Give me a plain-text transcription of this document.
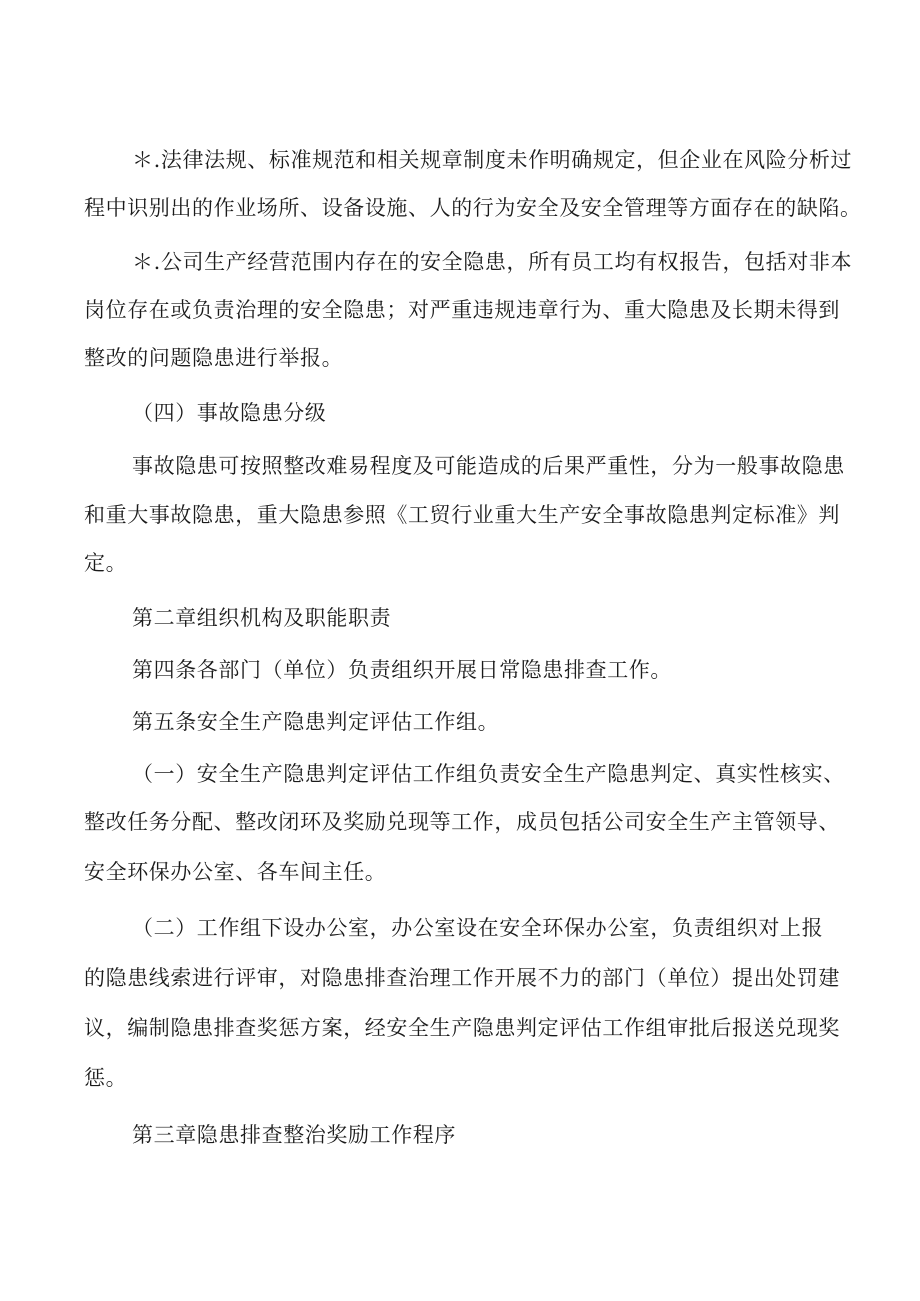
＊.法律法规、标准规范和相关规章制度未作明确规定，但企业在风险分析过
程中识别出的作业场所、设备设施、人的行为安全及安全管理等方面存在的缺陷。
＊.公司生产经营范围内存在的安全隐患，所有员工均有权报告，包括对非本
岗位存在或负责治理的安全隐患；对严重违规违章行为、重大隐患及长期未得到
整改的问题隐患进行举报。
（四）事故隐患分级
事故隐患可按照整改难易程度及可能造成的后果严重性，分为一般事故隐患
和重大事故隐患，重大隐患参照《工贸行业重大生产安全事故隐患判定标准》判
定。
第二章组织机构及职能职责
第四条各部门（单位）负责组织开展日常隐患排查工作。
第五条安全生产隐患判定评估工作组。
（一）安全生产隐患判定评估工作组负责安全生产隐患判定、真实性核实、
整改任务分配、整改闭环及奖励兑现等工作，成员包括公司安全生产主管领导、
安全环保办公室、各车间主任。
（二）工作组下设办公室，办公室设在安全环保办公室，负责组织对上报
的隐患线索进行评审，对隐患排查治理工作开展不力的部门（单位）提出处罚建
议，编制隐患排查奖惩方案，经安全生产隐患判定评估工作组审批后报送兑现奖
惩。
第三章隐患排查整治奖励工作程序
